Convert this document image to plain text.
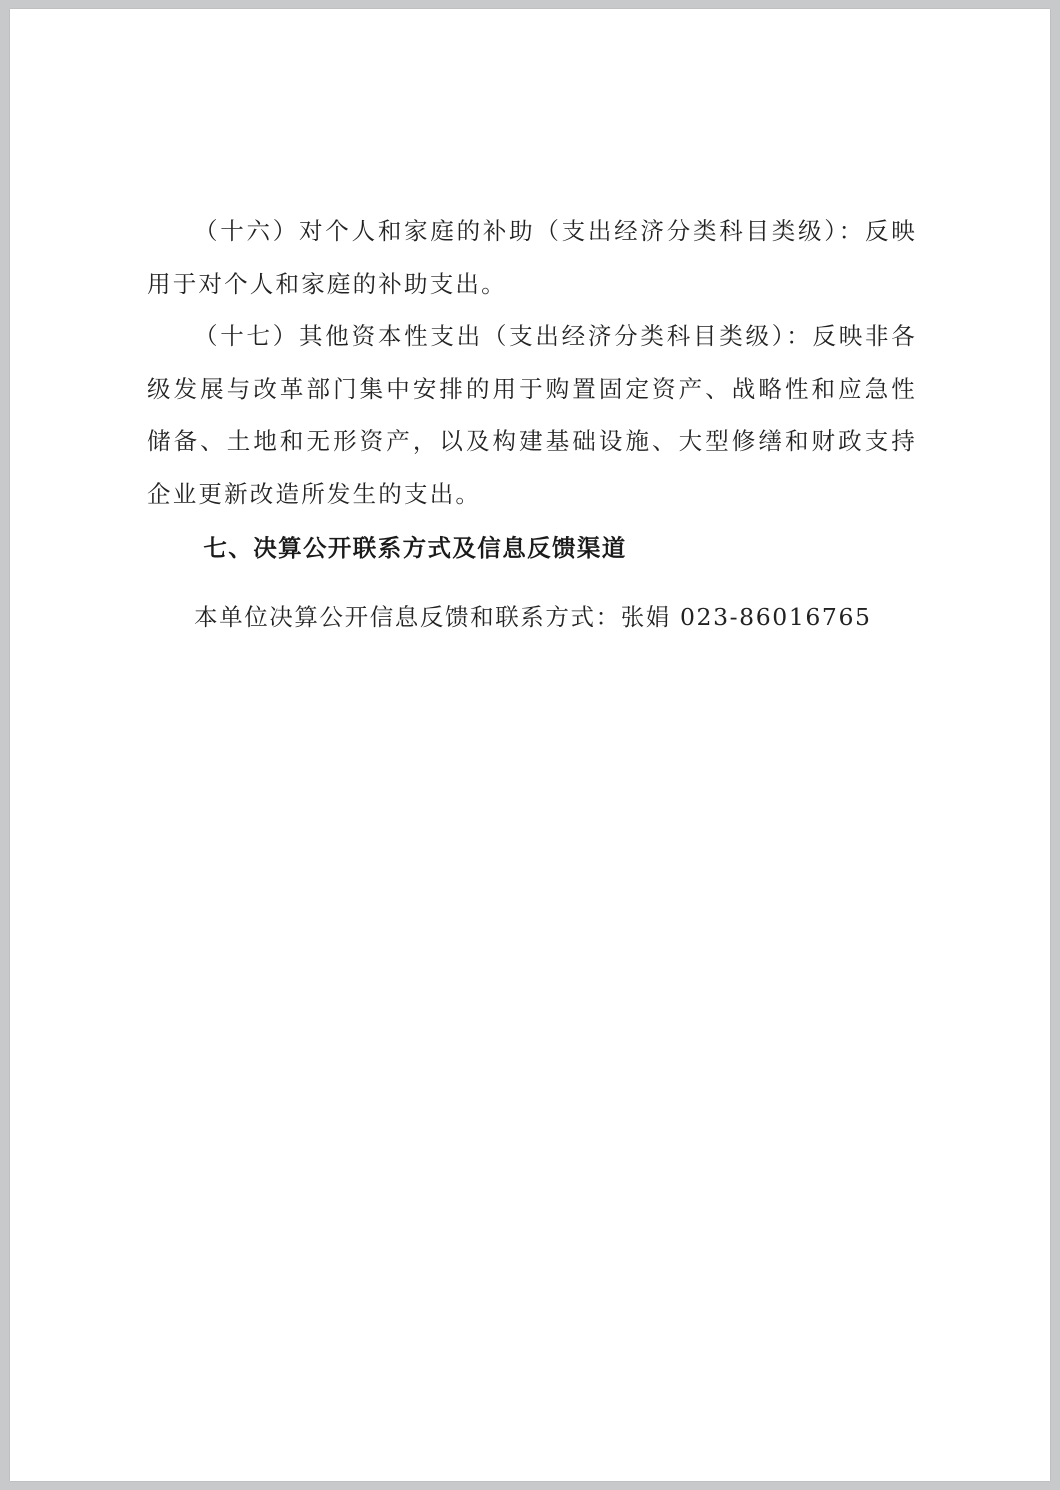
（十六）对个人和家庭的补助（支出经济分类科目类级）：反映用于对个人和家庭的补助支出。

（十七）其他资本性支出（支出经济分类科目类级）：反映非各级发展与改革部门集中安排的用于购置固定资产、战略性和应急性储备、土地和无形资产，以及构建基础设施、大型修缮和财政支持企业更新改造所发生的支出。

七、决算公开联系方式及信息反馈渠道

本单位决算公开信息反馈和联系方式：张娟 023-86016765
